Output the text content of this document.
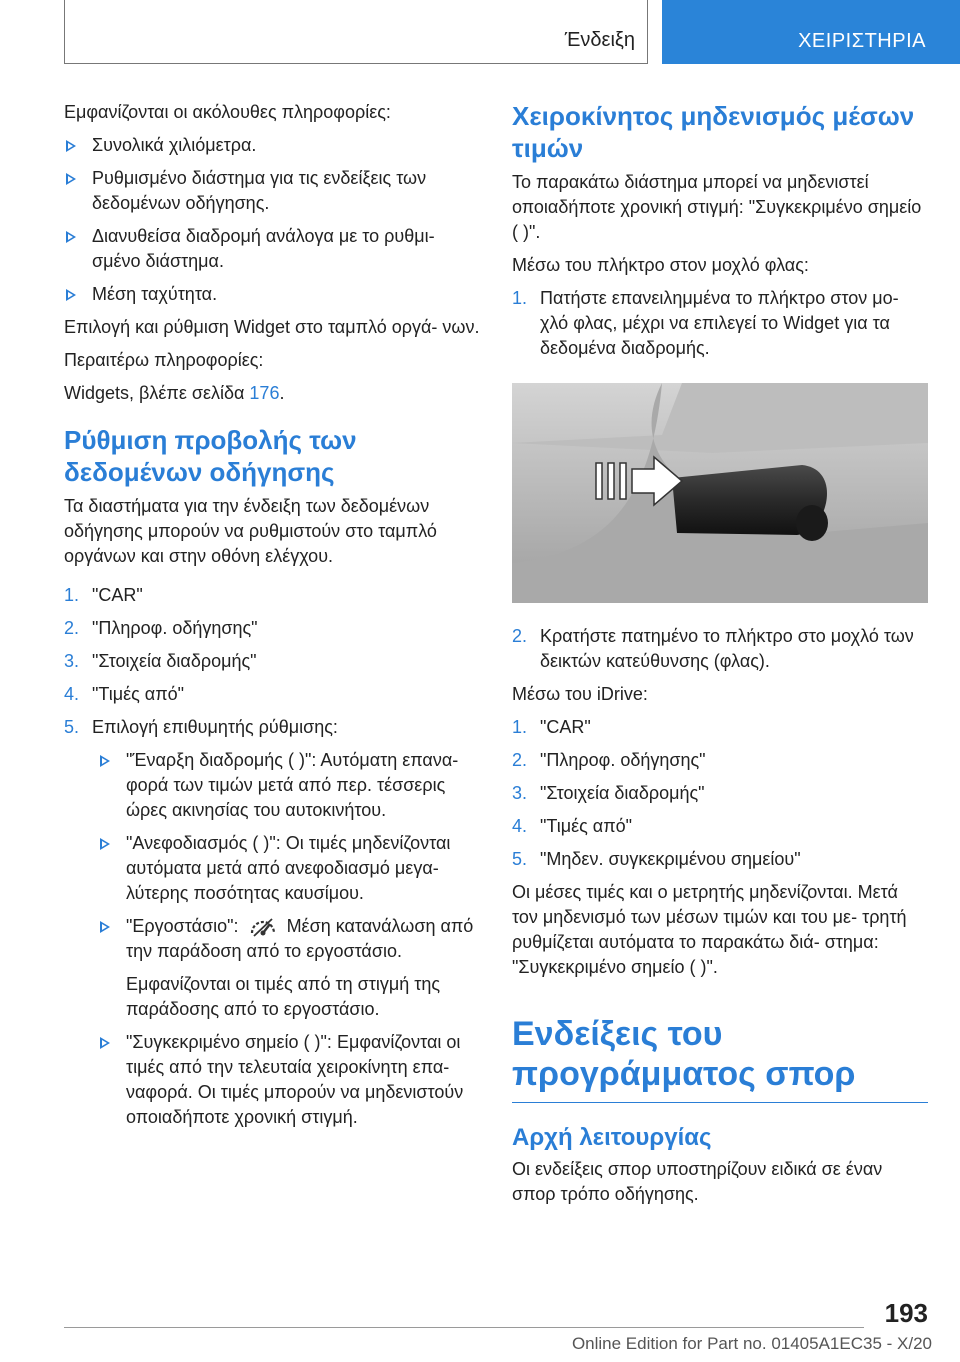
Ένδειξη	ΧΕΙΡΙΣΤΗΡΙΑ

Εμφανίζονται οι ακόλουθες πληροφορίες:

Συνολικά χιλιόμετρα.
Ρυθμισμένο διάστημα για τις ενδείξεις των δεδομένων οδήγησης.
Διανυθείσα διαδρομή ανάλογα με το ρυθμι- σμένο διάστημα.
Μέση ταχύτητα.

Επιλογή και ρύθμιση Widget στο ταμπλό οργά- νων.

Περαιτέρω πληροφορίες:

Widgets, βλέπε σελίδα 176.

Ρύθμιση προβολής των δεδομένων οδήγησης

Τα διαστήματα για την ένδειξη των δεδομένων οδήγησης μπορούν να ρυθμιστούν στο ταμπλό οργάνων και στην οθόνη ελέγχου.

1. "CAR"
2. "Πληροφ. οδήγησης"
3. "Στοιχεία διαδρομής"
4. "Τιμές από"
5. Επιλογή επιθυμητής ρύθμισης:
"Έναρξη διαδρομής ( )": Αυτόματη επανα- φορά των τιμών μετά από περ. τέσσερις ώρες ακινησίας του αυτοκινήτου.
"Ανεφοδιασμός ( )": Οι τιμές μηδενίζονται αυτόματα μετά από ανεφοδιασμό μεγα- λύτερης ποσότητας καυσίμου.
"Εργοστάσιο":	Μέση κατανάλωση από την παράδοση από το εργοστάσιο.

Εμφανίζονται οι τιμές από τη στιγμή της παράδοσης από το εργοστάσιο.

"Συγκεκριμένο σημείο ( )": Εμφανίζονται οι τιμές από την τελευταία χειροκίνητη επα- ναφορά. Οι τιμές μπορούν να μηδενιστούν οποιαδήποτε χρονική στιγμή.
Χειροκίνητος μηδενισμός μέσων τιμών

Το παρακάτω διάστημα μπορεί να μηδενιστεί οποιαδήποτε χρονική στιγμή: "Συγκεκριμένο σημείο ( )".

Μέσω του πλήκτρο στον μοχλό φλας:

1. Πατήστε επανειλημμένα το πλήκτρο στον μο- χλό φλας, μέχρι να επιλεγεί το Widget για τα δεδομένα διαδρομής.
2. Κρατήστε πατημένο το πλήκτρο στο μοχλό των δεικτών κατεύθυνσης (φλας).

Μέσω του iDrive:

1. "CAR"
2. "Πληροφ. οδήγησης"
3. "Στοιχεία διαδρομής"
4. "Τιμές από"
5. "Μηδεν. συγκεκριμένου σημείου"

Οι μέσες τιμές και ο μετρητής μηδενίζονται. Μετά τον μηδενισμό των μέσων τιμών και του με- τρητή ρυθμίζεται αυτόματα το παρακάτω διά- στημα: "Συγκεκριμένο σημείο ( )".

Ενδείξεις του προγράμματος σπορ
Αρχή λειτουργίας

Οι ενδείξεις σπορ υποστηρίζουν ειδικά σε έναν σπορ τρόπο οδήγησης.

193
Online Edition for Part no. 01405A1EC35 - X/20
